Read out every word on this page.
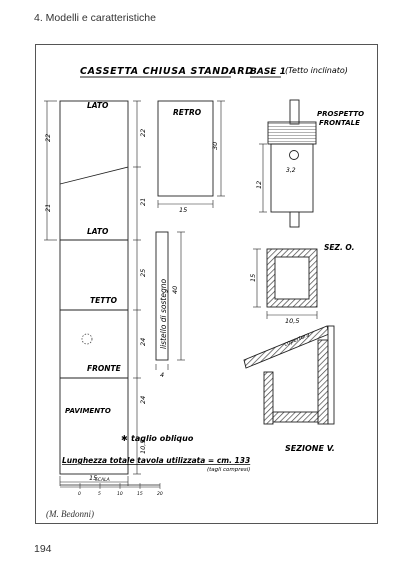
4. Modelli e caratteristiche
CASSETTA CHIUSA STANDARD
BASE 1 (Tetto inclinato)
22
21
22
21
25
24
24
10,5
15
LATO
LATO
TETTO
FRONTE
PAVIMENTO
RETRO
30
15
listello di sostegno 40
4
PROSPETTO
FRONTALE
3,2
12
SEZ. O.
15
10,5
copertura
SEZIONE V.
✱ taglio obliquo
Lunghezza totale tavola utilizzata = cm. 133
(tagli compresi)
SCALA
0	5	10	15	20
(M. Bedonni)
194
